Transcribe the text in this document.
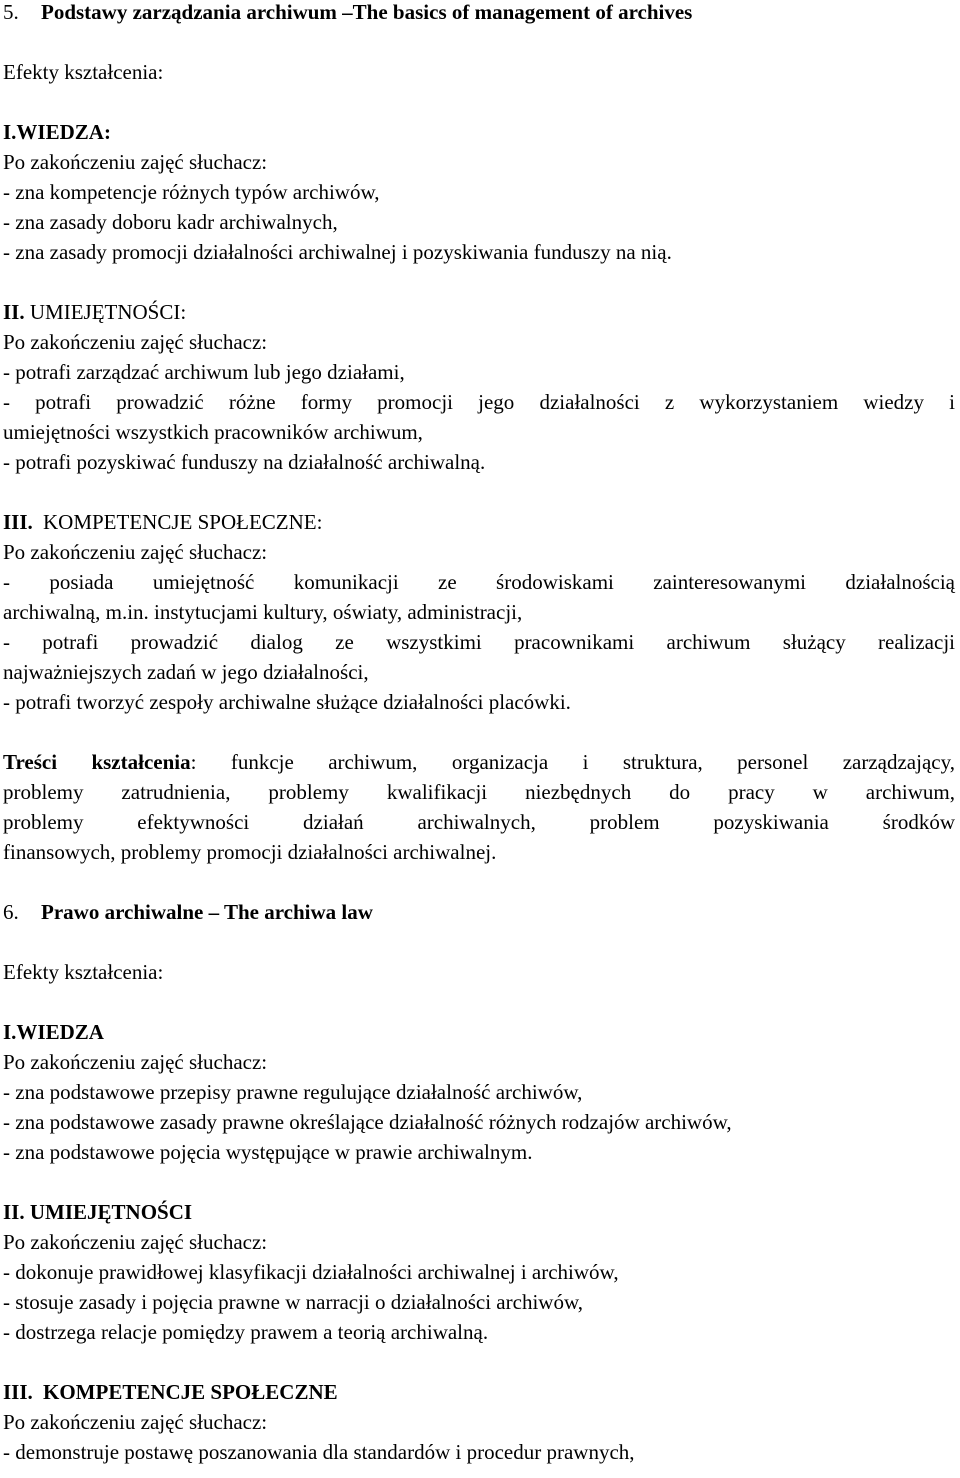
5. Podstawy zarządzania archiwum –The basics of management of archives
Efekty kształcenia:
I.WIEDZA:
Po zakończeniu zajęć słuchacz:
- zna kompetencje różnych typów archiwów,
- zna zasady doboru kadr archiwalnych,
- zna zasady promocji działalności archiwalnej i pozyskiwania funduszy na nią.
II. UMIEJĘTNOŚCI:
Po zakończeniu zajęć słuchacz:
- potrafi zarządzać archiwum lub jego działami,
- potrafi prowadzić różne formy promocji jego działalności z wykorzystaniem wiedzy i
umiejętności wszystkich pracowników archiwum,
- potrafi pozyskiwać funduszy na działalność archiwalną.
III. KOMPETENCJE SPOŁECZNE:
Po zakończeniu zajęć słuchacz:
- posiada umiejętność komunikacji ze środowiskami zainteresowanymi działalnością
archiwalną, m.in. instytucjami kultury, oświaty, administracji,
- potrafi prowadzić dialog ze wszystkimi pracownikami archiwum służący realizacji
najważniejszych zadań w jego działalności,
- potrafi tworzyć zespoły archiwalne służące działalności placówki.
Treści kształcenia: funkcje archiwum, organizacja i struktura, personel zarządzający,
problemy zatrudnienia, problemy kwalifikacji niezbędnych do pracy w archiwum,
problemy efektywności działań archiwalnych, problem pozyskiwania środków
finansowych, problemy promocji działalności archiwalnej.
6. Prawo archiwalne – The archiwa law
Efekty kształcenia:
I.WIEDZA
Po zakończeniu zajęć słuchacz:
- zna podstawowe przepisy prawne regulujące działalność archiwów,
- zna podstawowe zasady prawne określające działalność różnych rodzajów archiwów,
- zna podstawowe pojęcia występujące w prawie archiwalnym.
II. UMIEJĘTNOŚCI
Po zakończeniu zajęć słuchacz:
- dokonuje prawidłowej klasyfikacji działalności archiwalnej i archiwów,
- stosuje zasady i pojęcia prawne w narracji o działalności archiwów,
- dostrzega relacje pomiędzy prawem a teorią archiwalną.
III. KOMPETENCJE SPOŁECZNE
Po zakończeniu zajęć słuchacz:
- demonstruje postawę poszanowania dla standardów i procedur prawnych,
